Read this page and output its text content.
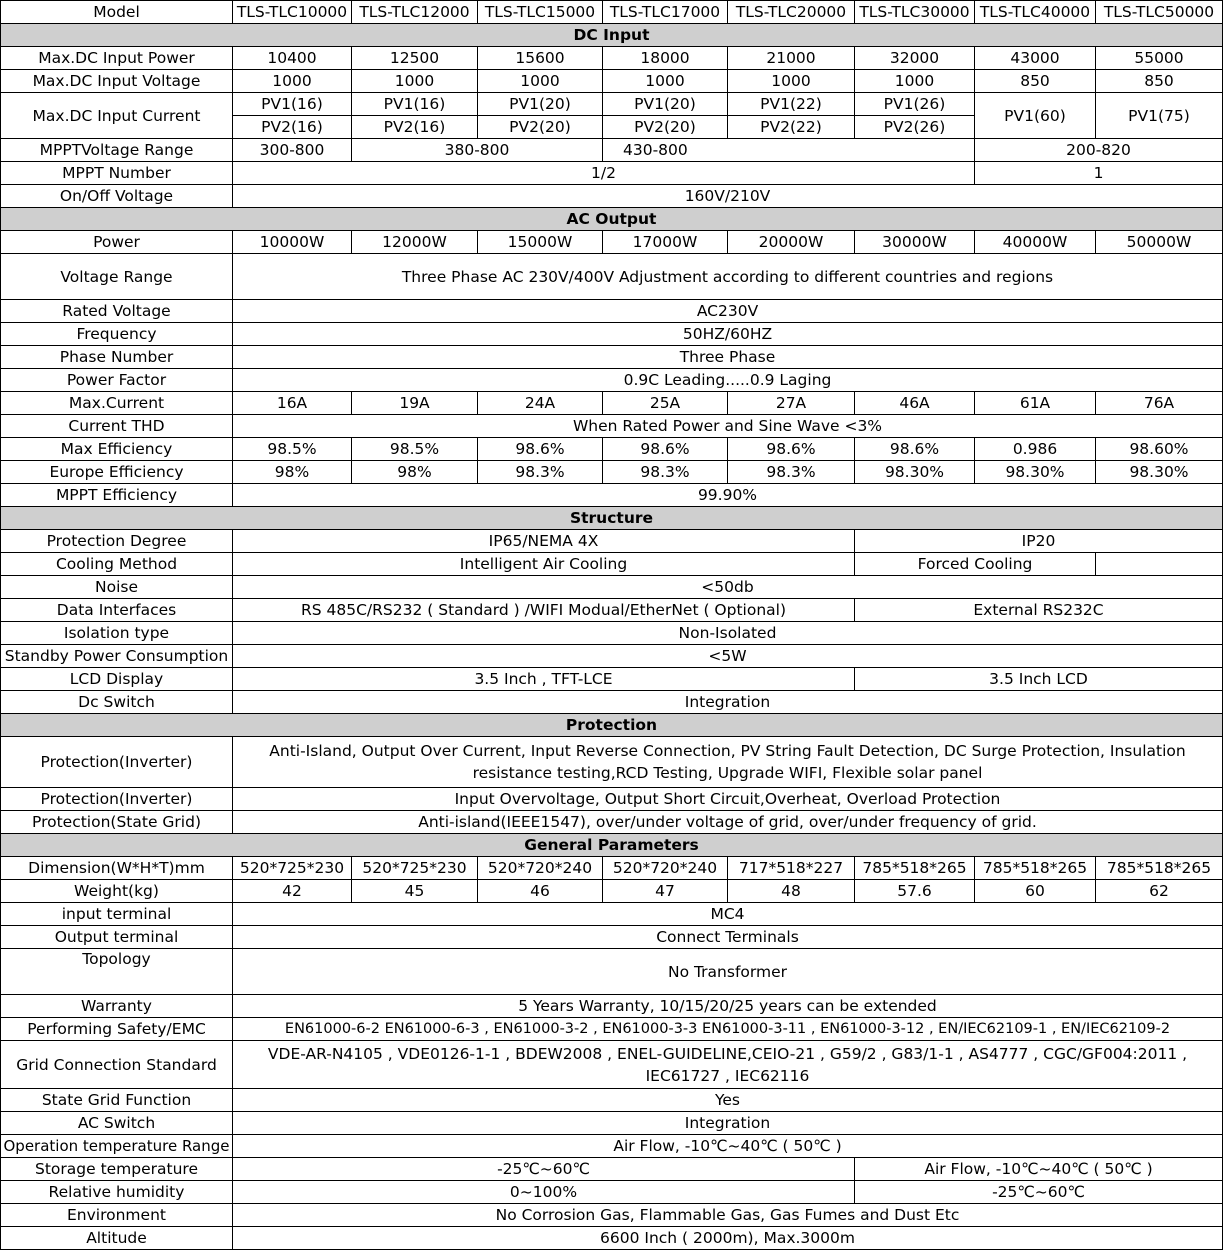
Model	TLS-TLC10000	TLS-TLC12000	TLS-TLC15000	TLS-TLC17000	TLS-TLC20000	TLS-TLC30000	TLS-TLC40000	TLS-TLC50000
DC Input								
Max.DC Input Power	10400	12500	15600	18000	21000	32000	43000	55000
Max.DC Input Voltage	1000	1000	1000	1000	1000	1000	850	850
Max.DC Input Current	PV1(16)	PV1(16)	PV1(20)	PV1(20)	PV1(22)	PV1(26)	PV1(60)	PV1(75)
	PV2(16)	PV2(16)	PV2(20)	PV2(20)	PV2(22)	PV2(26)		
MPPTVoltage Range	300-800	380-800		430-800			200-820	
MPPT Number	1/2						1	
On/Off Voltage	160V/210V							
AC Output								
Power	10000W	12000W	15000W	17000W	20000W	30000W	40000W	50000W
Voltage Range	Three Phase AC 230V/400V Adjustment according to different countries and regions							
Rated Voltage	AC230V							
Frequency	50HZ/60HZ							
Phase Number	Three Phase							
Power Factor	0.9C Leading.....0.9 Laging							
Max.Current	16A	19A	24A	25A	27A	46A	61A	76A
Current THD	When Rated Power and Sine Wave <3%							
Max Efficiency	98.5%	98.5%	98.6%	98.6%	98.6%	98.6%	0.986	98.60%
Europe Efficiency	98%	98%	98.3%	98.3%	98.3%	98.30%	98.30%	98.30%
MPPT Efficiency	99.90%							
Structure								
Protection Degree	IP65/NEMA 4X					IP20		
Cooling Method	Intelligent Air Cooling					Forced Cooling		
Noise	<50db							
Data Interfaces	RS 485C/RS232 ( Standard ) /WIFI Modual/EtherNet ( Optional)					External RS232C		
Isolation type	Non-Isolated							
Standby Power Consumption	<5W							
LCD Display	3.5 Inch , TFT-LCE					3.5 Inch LCD		
Dc Switch	Integration							
Protection								
Protection(Inverter)	Anti-Island, Output Over Current, Input Reverse Connection, PV String Fault Detection, DC Surge Protection, Insulation resistance testing,RCD Testing, Upgrade WIFI, Flexible solar panel							
Protection(Inverter)	Input Overvoltage, Output Short Circuit,Overheat, Overload Protection							
Protection(State Grid)	Anti-island(IEEE1547), over/under voltage of grid, over/under frequency of grid.							
General Parameters								
Dimension(W*H*T)mm	520*725*230	520*725*230	520*720*240	520*720*240	717*518*227	785*518*265	785*518*265	785*518*265
Weight(kg)	42	45	46	47	48	57.6	60	62
input terminal	MC4							
Output terminal	Connect Terminals							
Topology	No Transformer							
Warranty	5 Years Warranty, 10/15/20/25 years can be extended							
Performing Safety/EMC	EN61000-6-2 EN61000-6-3 , EN61000-3-2 , EN61000-3-3 EN61000-3-11 , EN61000-3-12 , EN/IEC62109-1 , EN/IEC62109-2							
Grid Connection Standard	VDE-AR-N4105 , VDE0126-1-1 , BDEW2008 , ENEL-GUIDELINE,CEIO-21 , G59/2 , G83/1-1 , AS4777 , CGC/GF004:2011 , IEC61727 , IEC62116							
State Grid Function	Yes							
AC Switch	Integration							
Operation temperature Range	Air Flow, -10℃~40℃ ( 50℃ )							
Storage temperature	-25℃~60℃					Air Flow, -10℃~40℃ ( 50℃ )		
Relative humidity	0~100%					-25℃~60℃		
Environment	No Corrosion Gas, Flammable Gas, Gas Fumes and Dust Etc							
Altitude	6600 Inch ( 2000m), Max.3000m							
